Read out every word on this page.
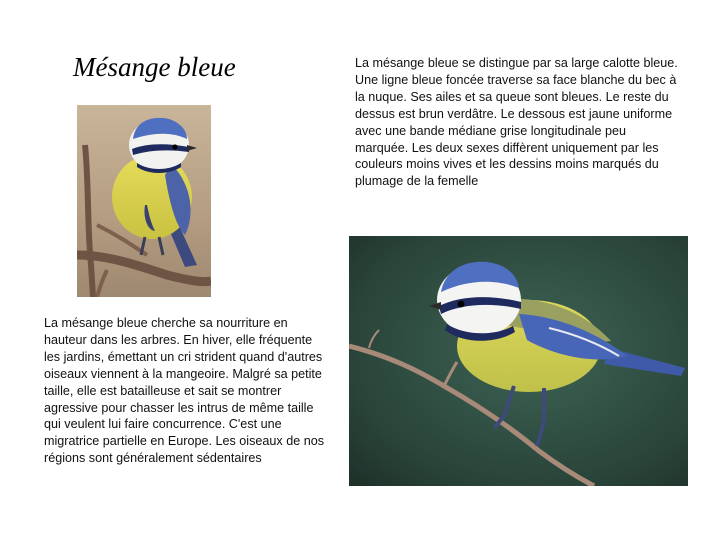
Mésange bleue
La mésange bleue cherche sa nourriture en hauteur dans les arbres. En hiver, elle fréquente les jardins, émettant un cri strident quand d'autres oiseaux viennent à la mangeoire. Malgré sa petite taille, elle est batailleuse et sait se montrer agressive pour chasser les intrus de même taille qui veulent lui faire concurrence. C'est une migratrice partielle en Europe. Les oiseaux de nos régions sont généralement sédentaires
La mésange bleue se distingue par sa large calotte bleue. Une ligne bleue foncée traverse sa face blanche du bec à la nuque. Ses ailes et sa queue sont bleues. Le reste du dessus est brun verdâtre. Le dessous est jaune uniforme avec une bande médiane grise longitudinale peu marquée. Les deux sexes diffèrent uniquement par les couleurs moins vives et les dessins moins marqués du plumage de la femelle
